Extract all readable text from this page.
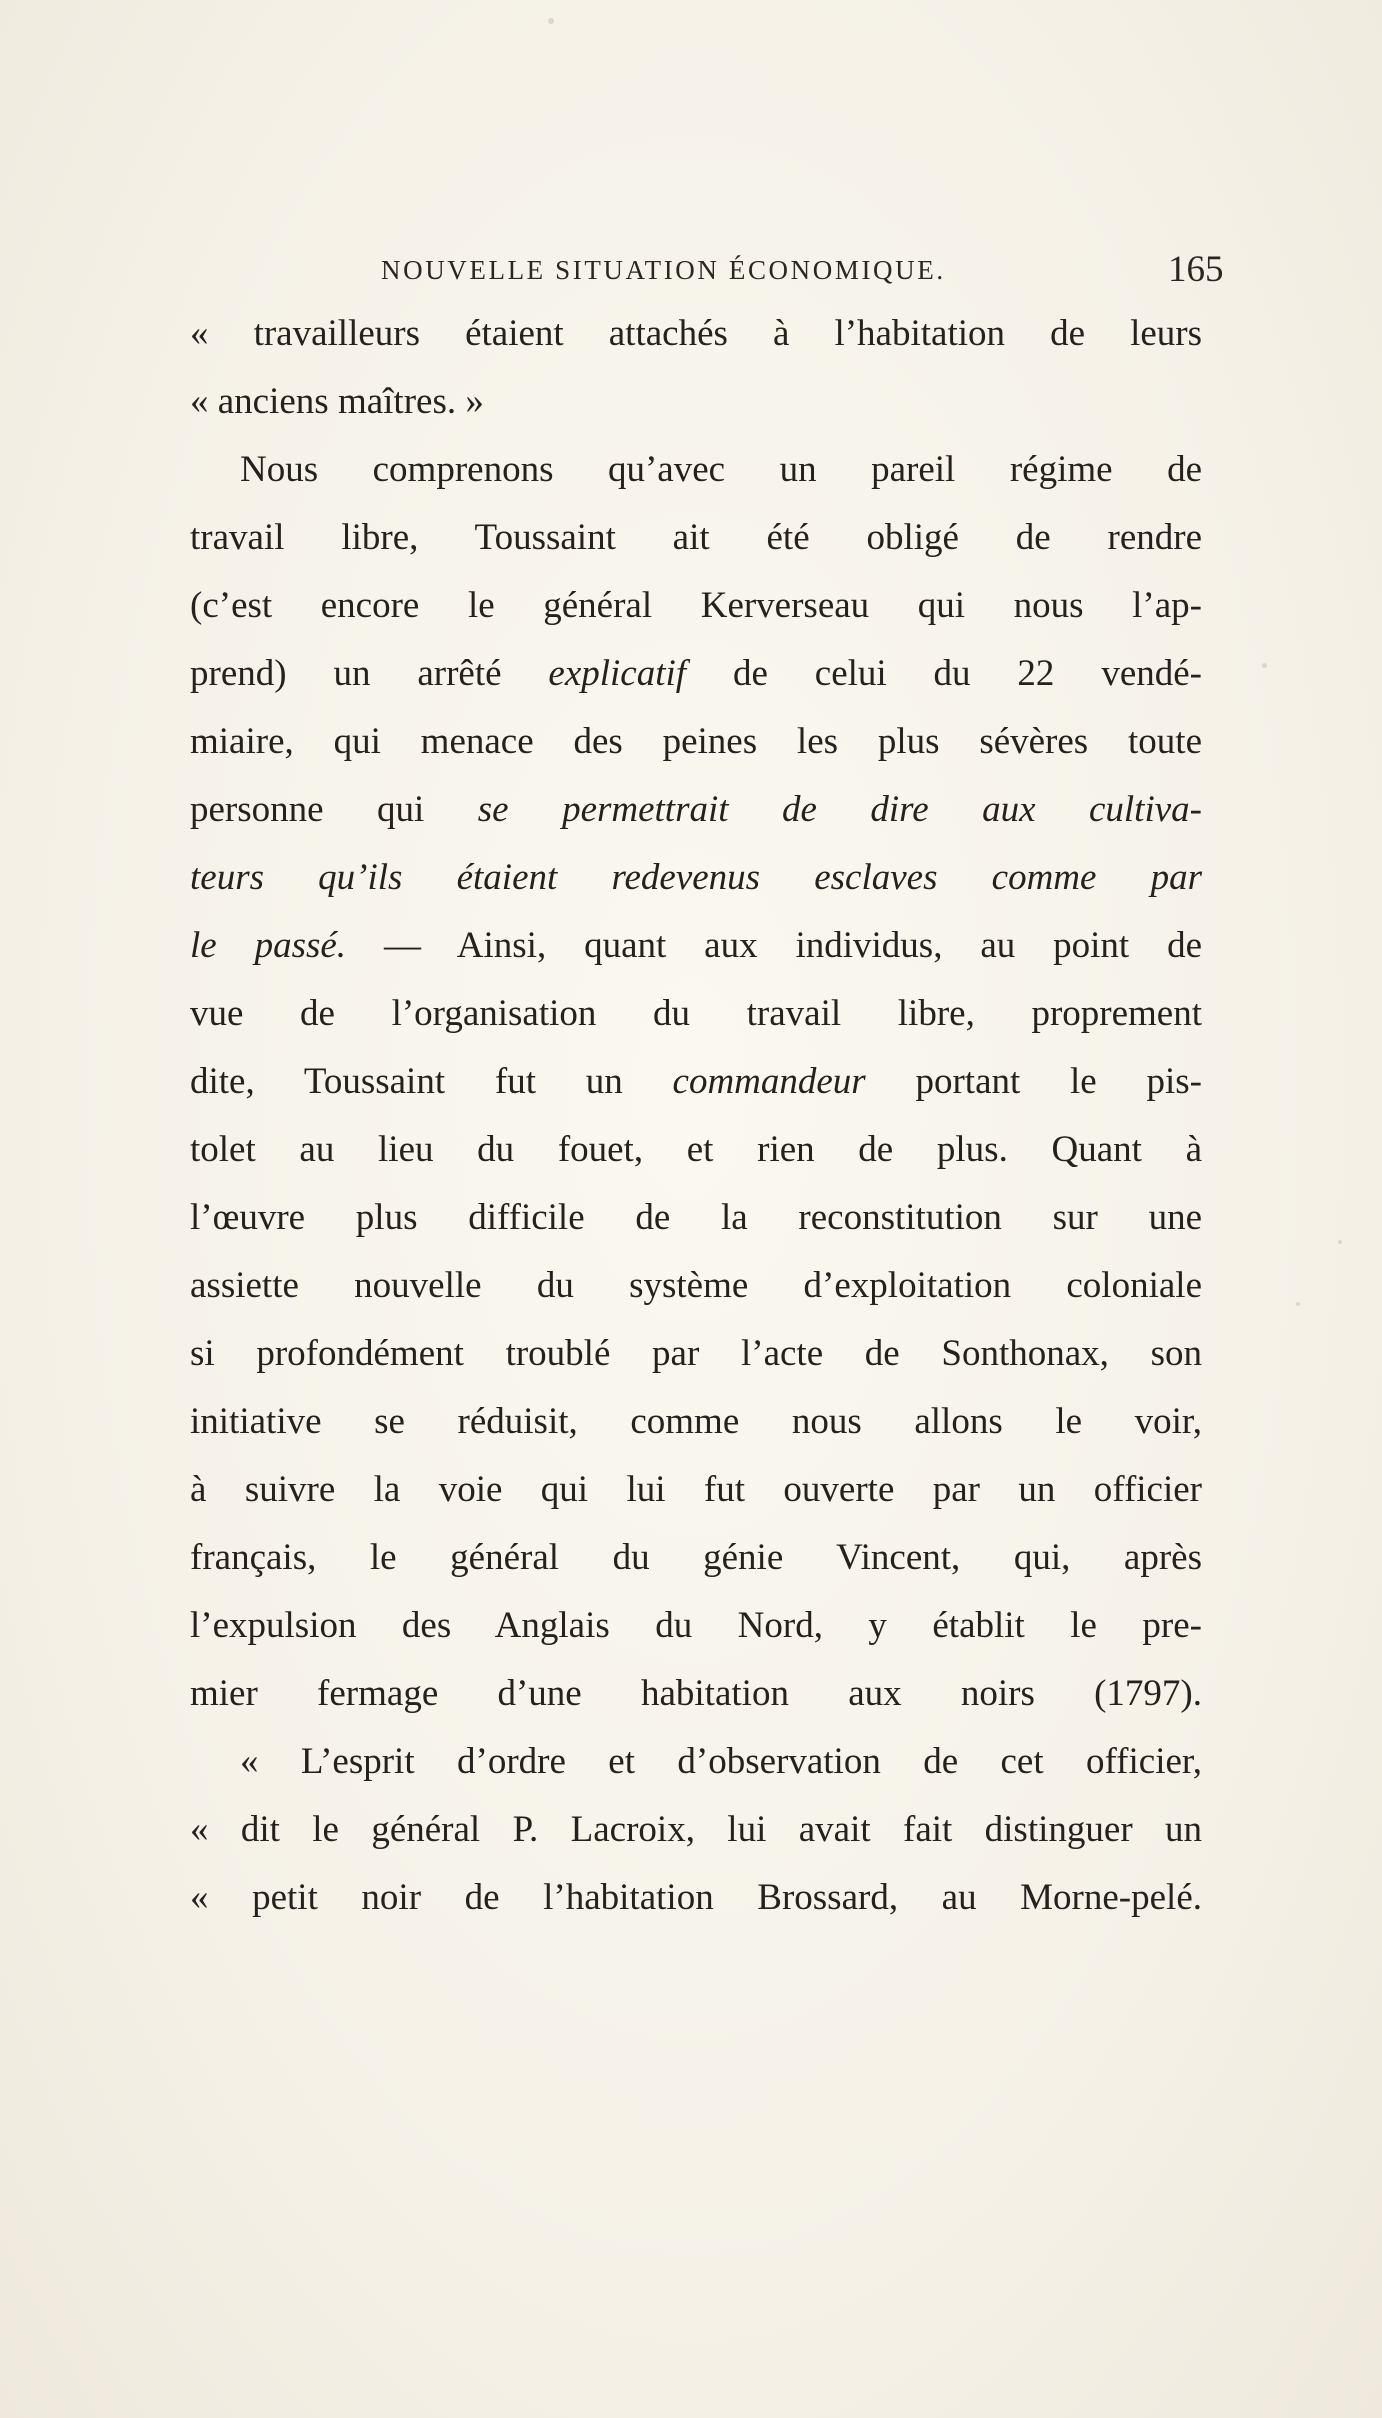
NOUVELLE SITUATION ÉCONOMIQUE.	165
« travailleurs étaient attachés à l’habitation de leurs
« anciens maîtres. »
Nous comprenons qu’avec un pareil régime de
travail libre, Toussaint ait été obligé de rendre
(c’est encore le général Kerverseau qui nous l’ap-
prend) un arrêté explicatif de celui du 22 vendé-
miaire, qui menace des peines les plus sévères toute
personne qui se permettrait de dire aux cultiva-
teurs qu’ils étaient redevenus esclaves comme par
le passé. — Ainsi, quant aux individus, au point de
vue de l’organisation du travail libre, proprement
dite, Toussaint fut un commandeur portant le pis-
tolet au lieu du fouet, et rien de plus. Quant à
l’œuvre plus difficile de la reconstitution sur une
assiette nouvelle du système d’exploitation coloniale
si profondément troublé par l’acte de Sonthonax, son
initiative se réduisit, comme nous allons le voir,
à suivre la voie qui lui fut ouverte par un officier
français, le général du génie Vincent, qui, après
l’expulsion des Anglais du Nord, y établit le pre-
mier fermage d’une habitation aux noirs (1797).
« L’esprit d’ordre et d’observation de cet officier,
« dit le général P. Lacroix, lui avait fait distinguer un
« petit noir de l’habitation Brossard, au Morne-pelé.
